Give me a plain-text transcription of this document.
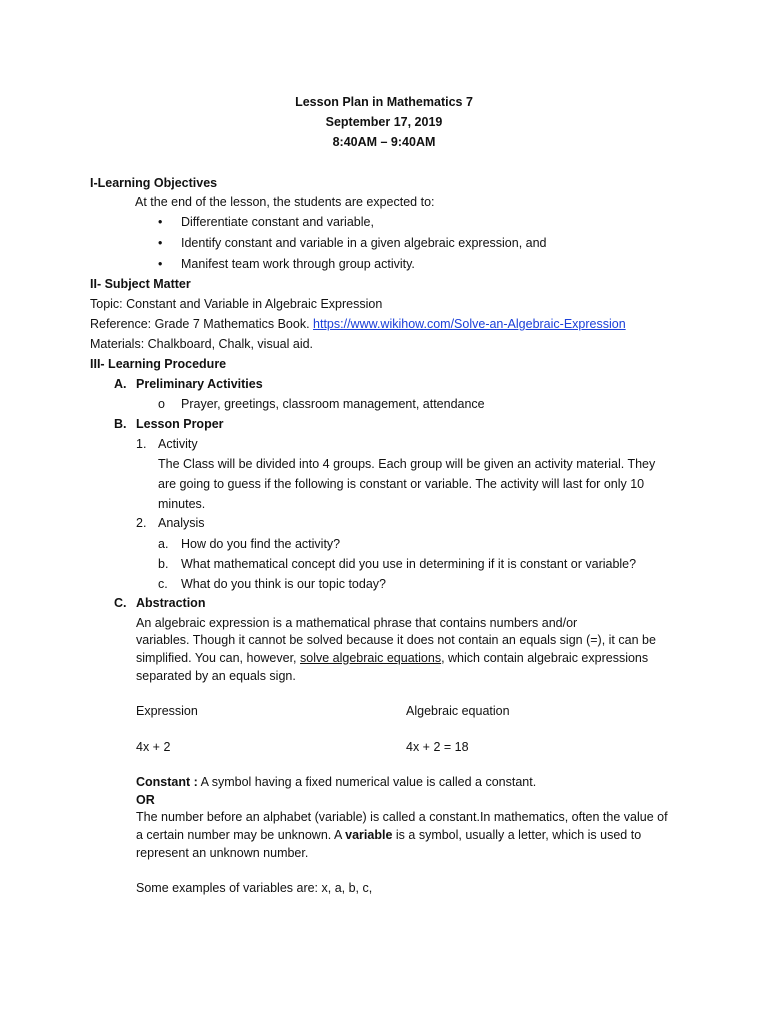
Lesson Plan in Mathematics 7
September 17, 2019
8:40AM – 9:40AM
I-Learning Objectives
At the end of the lesson, the students are expected to:
• Differentiate constant and variable,
• Identify constant and variable in a given algebraic expression, and
• Manifest team work through group activity.
II- Subject Matter
Topic: Constant and Variable in Algebraic Expression
Reference: Grade 7 Mathematics Book. https://www.wikihow.com/Solve-an-Algebraic-Expression
Materials: Chalkboard, Chalk, visual aid.
III- Learning Procedure
A. Preliminary Activities
o Prayer, greetings, classroom management, attendance
B. Lesson Proper
1. Activity
The Class will be divided into 4 groups. Each group will be given an activity material. They
are going to guess if the following is constant or variable. The activity will last for only 10
minutes.
2. Analysis
a. How do you find the activity?
b. What mathematical concept did you use in determining if it is constant or variable?
c. What do you think is our topic today?
C. Abstraction
An algebraic expression is a mathematical phrase that contains numbers and/or
variables. Though it cannot be solved because it does not contain an equals sign (=), it can be
simplified. You can, however, solve algebraic equations, which contain algebraic expressions
separated by an equals sign.
Expression	Algebraic equation
4x + 2	4x + 2 = 18
Constant : A symbol having a fixed numerical value is called a constant.
OR
The number before an alphabet (variable) is called a constant.In mathematics, often the value of
a certain number may be unknown. A variable is a symbol, usually a letter, which is used to
represent an unknown number.
Some examples of variables are: x, a, b, c,
